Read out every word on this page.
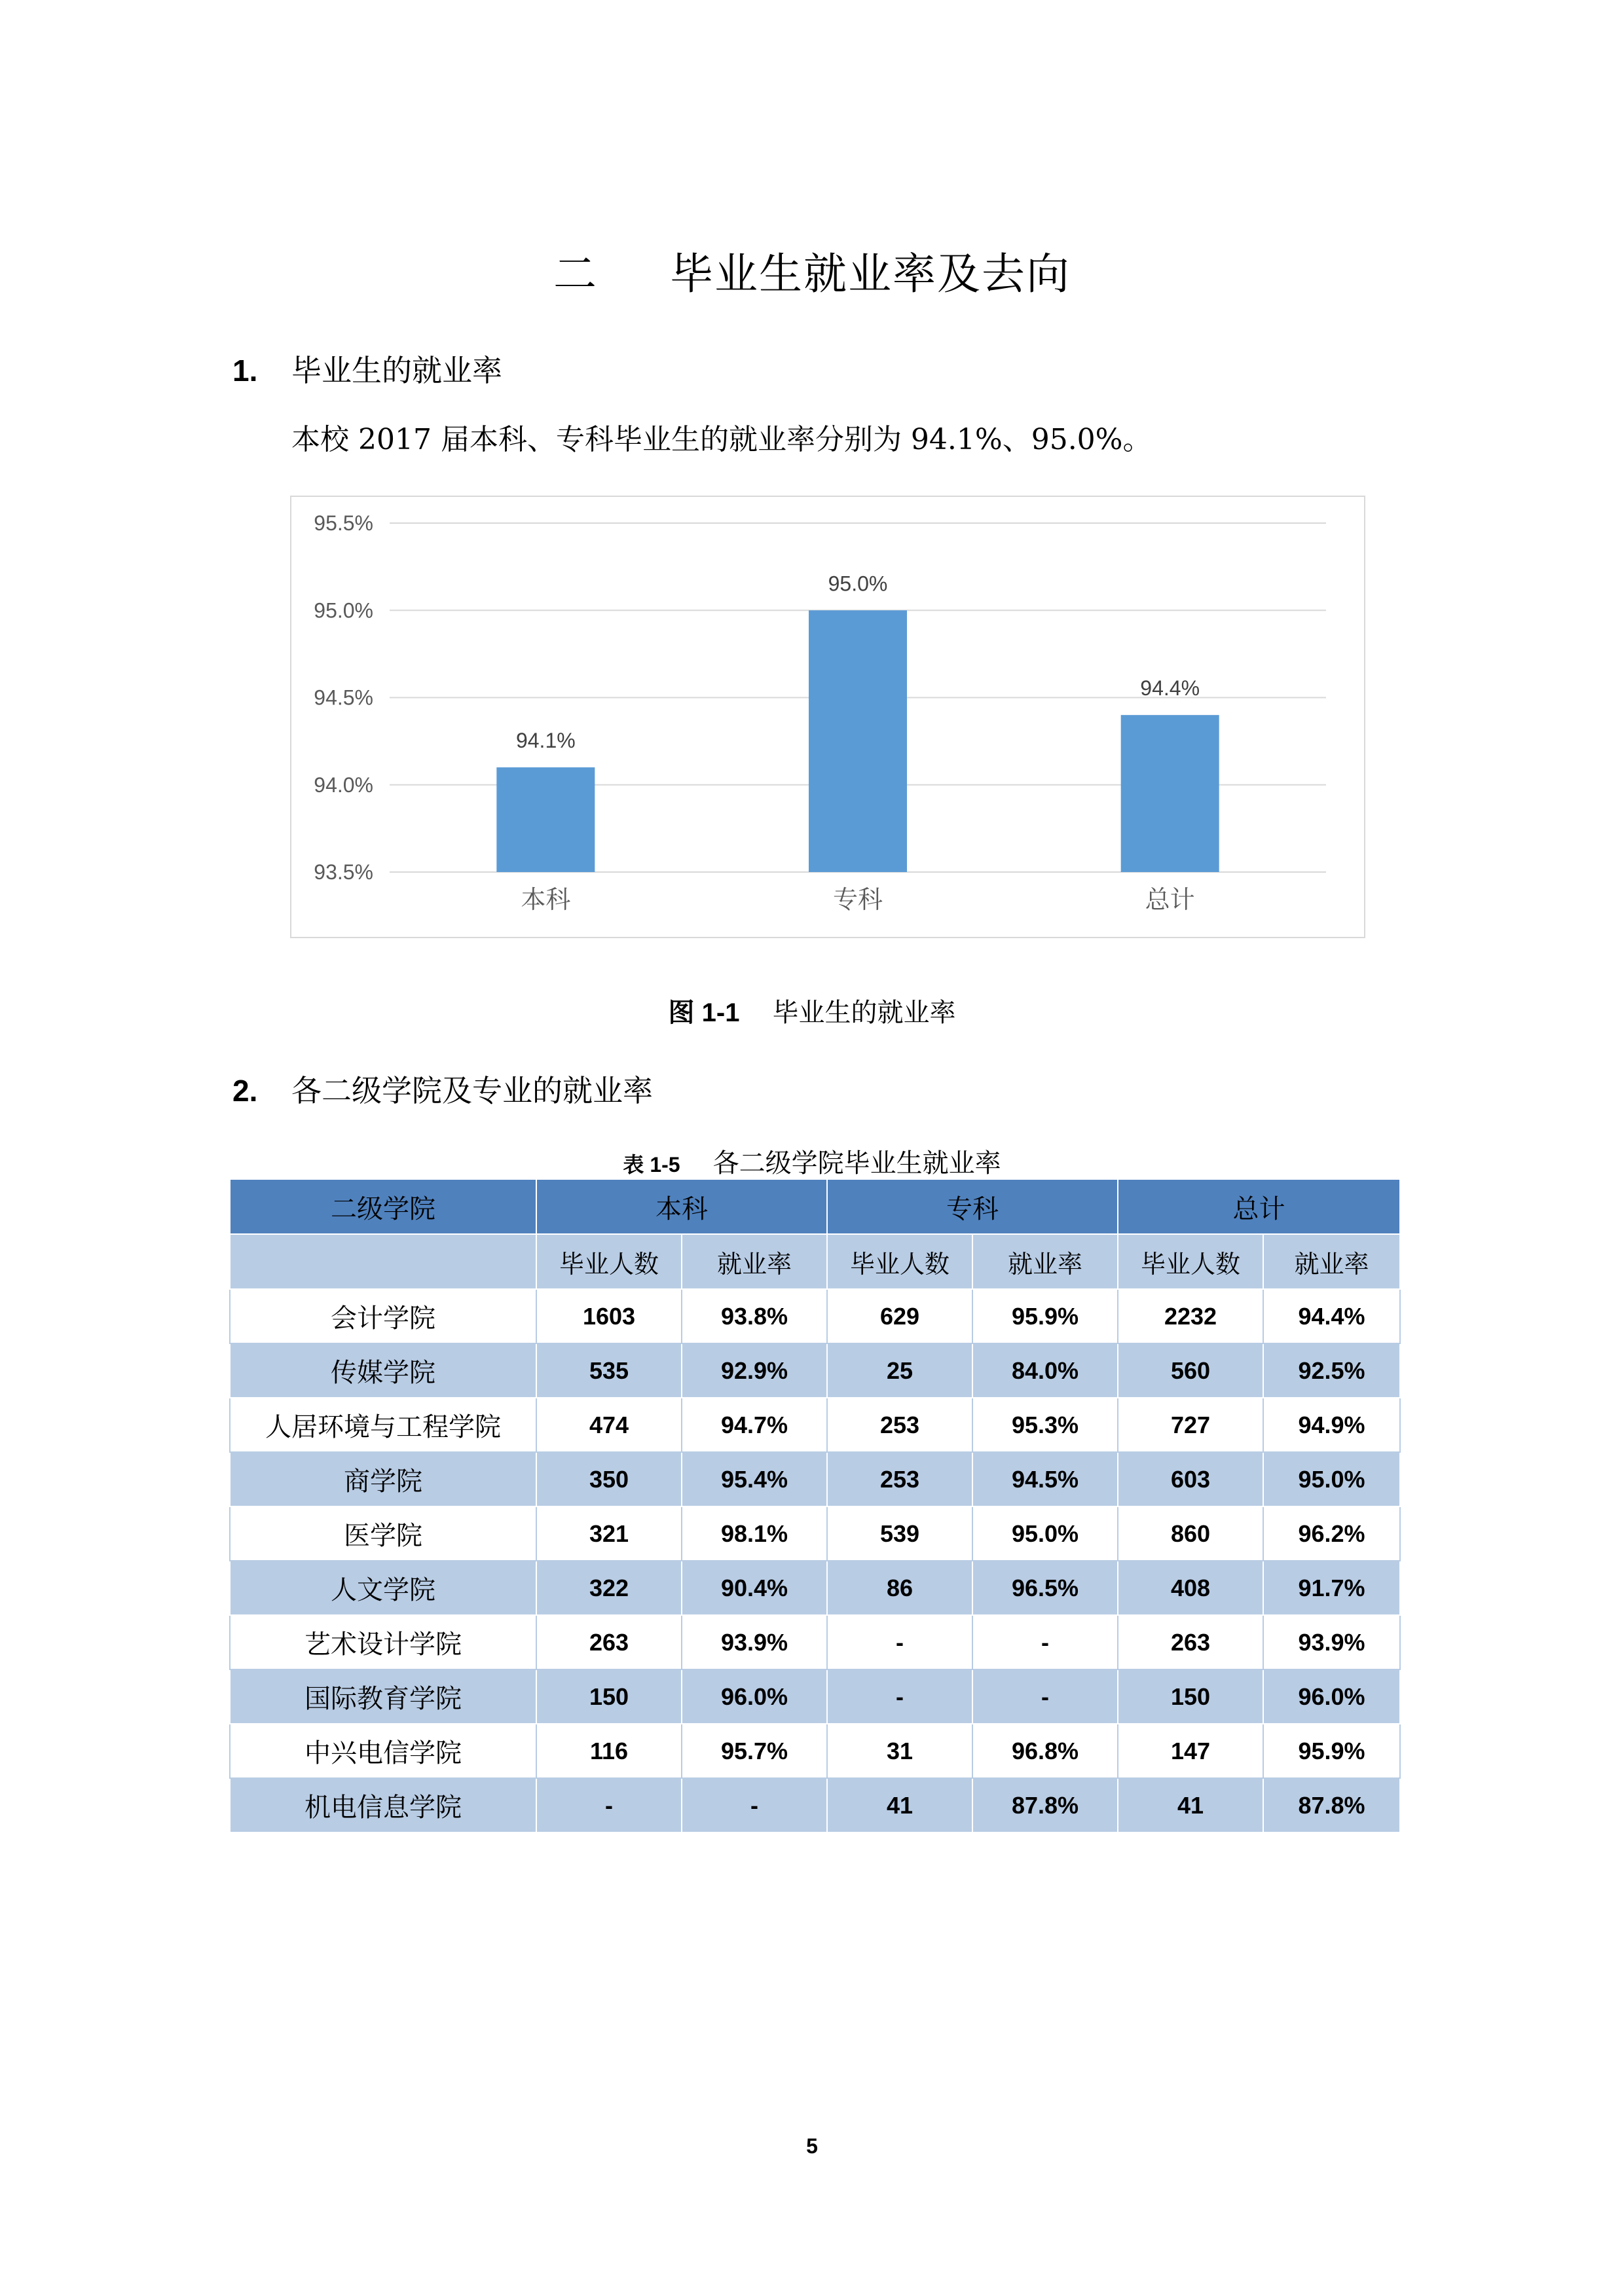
二 毕业生就业率及去向
1. 毕业生的就业率
本校 2017 届本科、专科毕业生的就业率分别为 94.1%、95.0%。
93.5%
94.0%
94.5%
95.0%
95.5%
94.1%
本科
95.0%
专科
94.4%
总计
图 1-1 毕业生的就业率
2. 各二级学院及专业的就业率
表 1-5 各二级学院毕业生就业率
二级学院	本科		专科		总计	
	毕业人数	就业率	毕业人数	就业率	毕业人数	就业率
会计学院	1603	93.8%	629	95.9%	2232	94.4%
传媒学院	535	92.9%	25	84.0%	560	92.5%
人居环境与工程学院	474	94.7%	253	95.3%	727	94.9%
商学院	350	95.4%	253	94.5%	603	95.0%
医学院	321	98.1%	539	95.0%	860	96.2%
人文学院	322	90.4%	86	96.5%	408	91.7%
艺术设计学院	263	93.9%	-	-	263	93.9%
国际教育学院	150	96.0%	-	-	150	96.0%
中兴电信学院	116	95.7%	31	96.8%	147	95.9%
机电信息学院	-	-	41	87.8%	41	87.8%
5
